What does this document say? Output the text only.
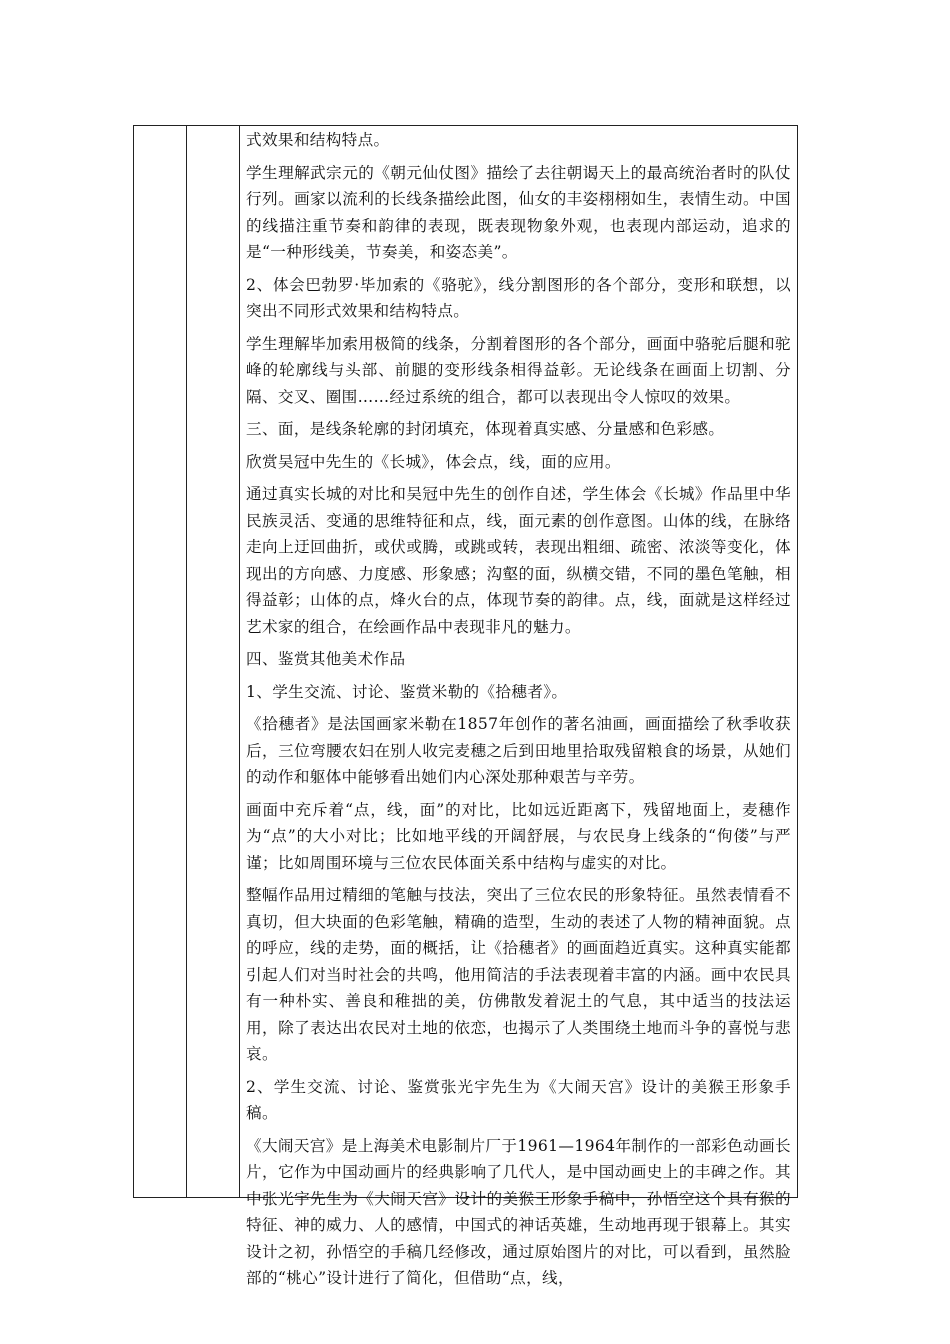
式效果和结构特点。

学生理解武宗元的《朝元仙仗图》描绘了去往朝谒天上的最高统治者时的队仗行列。画家以流利的长线条描绘此图，仙女的丰姿栩栩如生，表情生动。中国的线描注重节奏和韵律的表现，既表现物象外观，也表现内部运动，追求的是“一种形线美，节奏美，和姿态美”。

2、体会巴勃罗·毕加索的《骆驼》，线分割图形的各个部分，变形和联想，以突出不同形式效果和结构特点。

学生理解毕加索用极简的线条，分割着图形的各个部分，画面中骆驼后腿和驼峰的轮廓线与头部、前腿的变形线条相得益彰。无论线条在画面上切割、分隔、交叉、圈围……经过系统的组合，都可以表现出令人惊叹的效果。

三、面，是线条轮廓的封闭填充，体现着真实感、分量感和色彩感。

欣赏吴冠中先生的《长城》，体会点，线，面的应用。

通过真实长城的对比和吴冠中先生的创作自述，学生体会《长城》作品里中华民族灵活、变通的思维特征和点，线，面元素的创作意图。山体的线，在脉络走向上迂回曲折，或伏或腾，或跳或转，表现出粗细、疏密、浓淡等变化，体现出的方向感、力度感、形象感；沟壑的面，纵横交错，不同的墨色笔触，相得益彰；山体的点，烽火台的点，体现节奏的韵律。点，线，面就是这样经过艺术家的组合，在绘画作品中表现非凡的魅力。

四、鉴赏其他美术作品

1、学生交流、讨论、鉴赏米勒的《拾穗者》。

《拾穗者》是法国画家米勒在1857年创作的著名油画，画面描绘了秋季收获后，三位弯腰农妇在别人收完麦穗之后到田地里拾取残留粮食的场景，从她们的动作和躯体中能够看出她们内心深处那种艰苦与辛劳。

画面中充斥着“点，线，面”的对比，比如远近距离下，残留地面上，麦穗作为“点”的大小对比；比如地平线的开阔舒展，与农民身上线条的“佝偻”与严谨；比如周围环境与三位农民体面关系中结构与虚实的对比。

整幅作品用过精细的笔触与技法，突出了三位农民的形象特征。虽然表情看不真切，但大块面的色彩笔触，精确的造型，生动的表述了人物的精神面貌。点的呼应，线的走势，面的概括，让《拾穗者》的画面趋近真实。这种真实能都引起人们对当时社会的共鸣，他用简洁的手法表现着丰富的内涵。画中农民具有一种朴实、善良和稚拙的美，仿佛散发着泥土的气息，其中适当的技法运用，除了表达出农民对土地的依恋，也揭示了人类围绕土地而斗争的喜悦与悲哀。

2、学生交流、讨论、鉴赏张光宇先生为《大闹天宫》设计的美猴王形象手稿。

《大闹天宫》是上海美术电影制片厂于1961—1964年制作的一部彩色动画长片，它作为中国动画片的经典影响了几代人，是中国动画史上的丰碑之作。其中张光宇先生为《大闹天宫》设计的美猴王形象手稿中，孙悟空这个具有猴的特征、神的威力、人的感情，中国式的神话英雄，生动地再现于银幕上。其实设计之初，孙悟空的手稿几经修改，通过原始图片的对比，可以看到，虽然脸部的“桃心”设计进行了简化，但借助“点，线，
